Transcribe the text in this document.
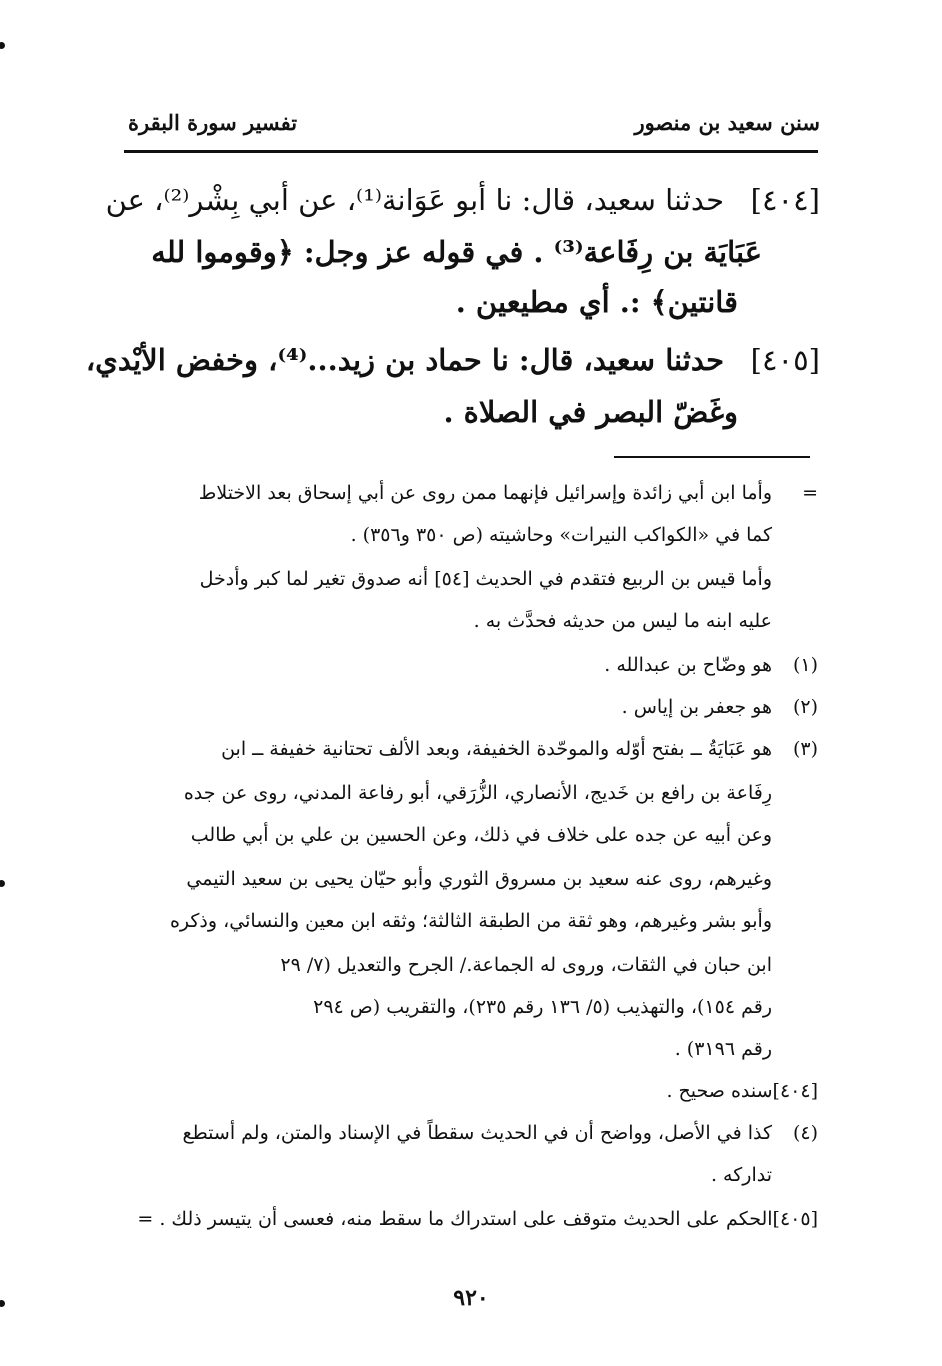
سنن سعيد بن منصور
تفسير سورة البقرة
[٤٠٤]
حدثنا سعيد، قال: نا أبو عَوَانة⁽¹⁾، عن أبي بِشْر⁽²⁾، عن
عَبَايَة بن رِفَاعة⁽³⁾ . في قوله عز وجل: ﴿وقوموا لله
قانتين﴾ :. أي مطيعين .
[٤٠٥]
حدثنا سعيد، قال: نا حماد بن زيد...⁽⁴⁾، وخفض الأيْدي،
وغَضّ البصر في الصلاة .
=
وأما ابن أبي زائدة وإسرائيل فإنهما ممن روى عن أبي إسحاق بعد الاختلاط
كما في «الكواكب النيرات» وحاشيته (ص ٣٥٠ و٣٥٦) .
وأما قيس بن الربيع فتقدم في الحديث [٥٤] أنه صدوق تغير لما كبر وأدخل
عليه ابنه ما ليس من حديثه فحدَّث به .
(١)
هو وضّاح بن عبدالله .
(٢)
هو جعفر بن إياس .
(٣)
هو عَبَايَةُ ــ بفتح أوّله والموحّدة الخفيفة، وبعد الألف تحتانية خفيفة ــ ابن
رِفَاعة بن رافع بن خَديج، الأنصاري، الزُّرَقي، أبو رفاعة المدني، روى عن جده
وعن أبيه عن جده على خلاف في ذلك، وعن الحسين بن علي بن أبي طالب
وغيرهم، روى عنه سعيد بن مسروق الثوري وأبو حيّان يحيى بن سعيد التيمي
وأبو بشر وغيرهم، وهو ثقة من الطبقة الثالثة؛ وثقه ابن معين والنسائي، وذكره
ابن حبان في الثقات، وروى له الجماعة./ الجرح والتعديل (٧/ ٢٩
رقم ١٥٤)، والتهذيب (٥/ ١٣٦ رقم ٢٣٥)، والتقريب (ص ٢٩٤
رقم ٣١٩٦) .
[٤٠٤]سنده صحيح .
(٤)
كذا في الأصل، وواضح أن في الحديث سقطاً في الإسناد والمتن، ولم أستطع
تداركه .
[٤٠٥]الحكم على الحديث متوقف على استدراك ما سقط منه، فعسى أن يتيسر ذلك . =
٩٢٠
